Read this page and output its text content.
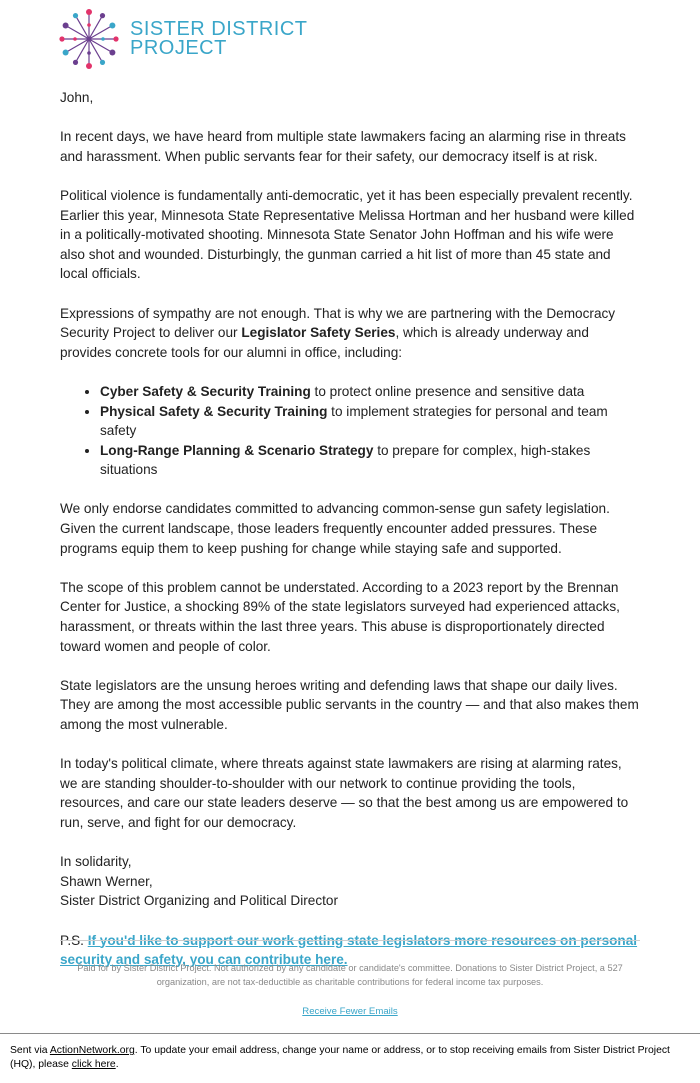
SISTER DISTRICT
PROJECT

John,

In recent days, we have heard from multiple state lawmakers facing an alarming rise in threats and harassment. When public servants fear for their safety, our democracy itself is at risk.

Political violence is fundamentally anti-democratic, yet it has been especially prevalent recently. Earlier this year, Minnesota State Representative Melissa Hortman and her husband were killed in a politically-motivated shooting. Minnesota State Senator John Hoffman and his wife were also shot and wounded. Disturbingly, the gunman carried a hit list of more than 45 state and local officials.

Expressions of sympathy are not enough. That is why we are partnering with the Democracy Security Project to deliver our Legislator Safety Series, which is already underway and provides concrete tools for our alumni in office, including:

• Cyber Safety & Security Training to protect online presence and sensitive data
• Physical Safety & Security Training to implement strategies for personal and team safety
• Long-Range Planning & Scenario Strategy to prepare for complex, high-stakes situations

We only endorse candidates committed to advancing common-sense gun safety legislation. Given the current landscape, those leaders frequently encounter added pressures. These programs equip them to keep pushing for change while staying safe and supported.

The scope of this problem cannot be understated. According to a 2023 report by the Brennan Center for Justice, a shocking 89% of the state legislators surveyed had experienced attacks, harassment, or threats within the last three years. This abuse is disproportionately directed toward women and people of color.

State legislators are the unsung heroes writing and defending laws that shape our daily lives. They are among the most accessible public servants in the country — and that also makes them among the most vulnerable.

In today's political climate, where threats against state lawmakers are rising at alarming rates, we are standing shoulder-to-shoulder with our network to continue providing the tools, resources, and care our state leaders deserve — so that the best among us are empowered to run, serve, and fight for our democracy.

In solidarity,

Shawn Werner,

Sister District Organizing and Political Director

P.S. If you'd like to support our work getting state legislators more resources on personal security and safety, you can contribute here.

Paid for by Sister District Project. Not authorized by any candidate or candidate's committee. Donations to Sister District Project, a 527 organization, are not tax-deductible as charitable contributions for federal income tax purposes.
Receive Fewer Emails
Sent via ActionNetwork.org. To update your email address, change your name or address, or to stop receiving emails from Sister District Project (HQ), please click here.
